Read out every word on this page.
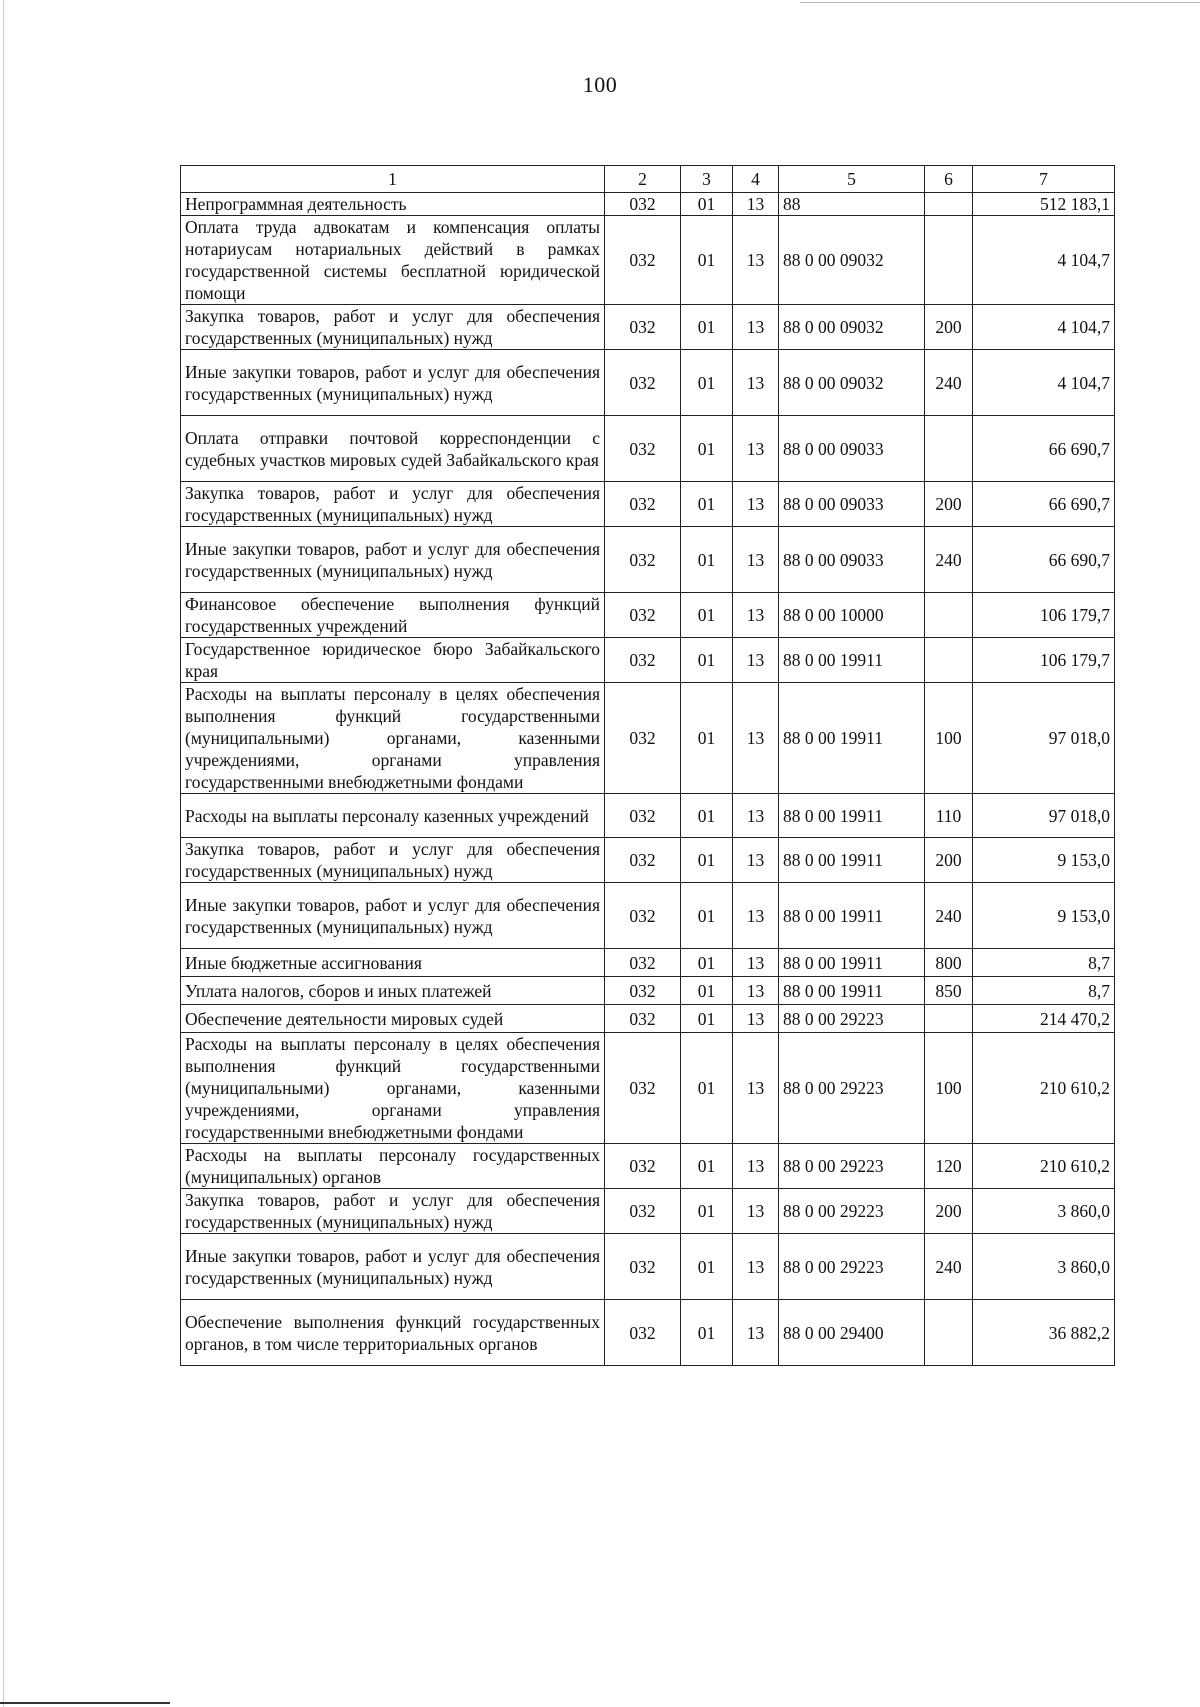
100
1	2	3	4	5	6	7
Непрограммная деятельность	032	01	13	88		512 183,1
Оплата труда адвокатам и компенсация оплаты нотариусам нотариальных действий в рамках государственной системы бесплатной юридической помощи	032	01	13	88 0 00 09032		4 104,7
Закупка товаров, работ и услуг для обеспечения государственных (муниципальных) нужд	032	01	13	88 0 00 09032	200	4 104,7
Иные закупки товаров, работ и услуг для обеспечения государственных (муниципальных) нужд	032	01	13	88 0 00 09032	240	4 104,7
Оплата отправки почтовой корреспонденции с судебных участков мировых судей Забайкальского края	032	01	13	88 0 00 09033		66 690,7
Закупка товаров, работ и услуг для обеспечения государственных (муниципальных) нужд	032	01	13	88 0 00 09033	200	66 690,7
Иные закупки товаров, работ и услуг для обеспечения государственных (муниципальных) нужд	032	01	13	88 0 00 09033	240	66 690,7
Финансовое обеспечение выполнения функций государственных учреждений	032	01	13	88 0 00 10000		106 179,7
Государственное юридическое бюро Забайкальского края	032	01	13	88 0 00 19911		106 179,7
Расходы на выплаты персоналу в целях обеспечения выполнения функций государственными (муниципальными) органами, казенными учреждениями, органами управления государственными внебюджетными фондами	032	01	13	88 0 00 19911	100	97 018,0
Расходы на выплаты персоналу казенных учреждений	032	01	13	88 0 00 19911	110	97 018,0
Закупка товаров, работ и услуг для обеспечения государственных (муниципальных) нужд	032	01	13	88 0 00 19911	200	9 153,0
Иные закупки товаров, работ и услуг для обеспечения государственных (муниципальных) нужд	032	01	13	88 0 00 19911	240	9 153,0
Иные бюджетные ассигнования	032	01	13	88 0 00 19911	800	8,7
Уплата налогов, сборов и иных платежей	032	01	13	88 0 00 19911	850	8,7
Обеспечение деятельности мировых судей	032	01	13	88 0 00 29223		214 470,2
Расходы на выплаты персоналу в целях обеспечения выполнения функций государственными (муниципальными) органами, казенными учреждениями, органами управления государственными внебюджетными фондами	032	01	13	88 0 00 29223	100	210 610,2
Расходы на выплаты персоналу государственных (муниципальных) органов	032	01	13	88 0 00 29223	120	210 610,2
Закупка товаров, работ и услуг для обеспечения государственных (муниципальных) нужд	032	01	13	88 0 00 29223	200	3 860,0
Иные закупки товаров, работ и услуг для обеспечения государственных (муниципальных) нужд	032	01	13	88 0 00 29223	240	3 860,0
Обеспечение выполнения функций государственных органов, в том числе территориальных органов	032	01	13	88 0 00 29400		36 882,2
